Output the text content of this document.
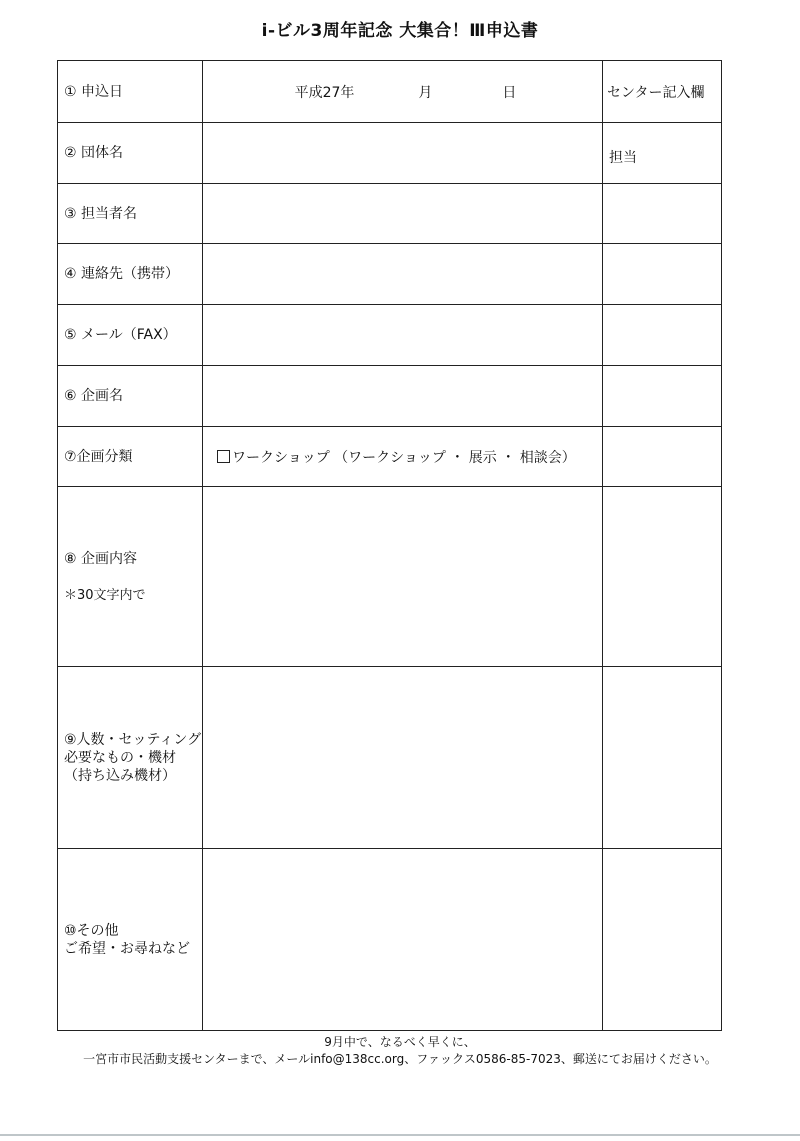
i-ビル3周年記念 大集合！Ⅲ申込書
① 申込日	平成27年 月 日	センター記入欄

② 団体名		担当

③ 担当者名		

④ 連絡先（携帯）		

⑤ メール（FAX）		

⑥ 企画名		

⑦企画分類	ワークショップ （ワークショップ ・ 展示 ・ 相談会）	

⑧ 企画内容
＊30文字内で		

⑨人数・セッティング
必要なもの・機材
（持ち込み機材）		

⑩その他
ご希望・お尋ねなど		

9月中で、なるべく早くに、
一宮市市民活動支援センターまで、メールinfo@138cc.org、ファックス0586-85-7023、郵送にてお届けください。
